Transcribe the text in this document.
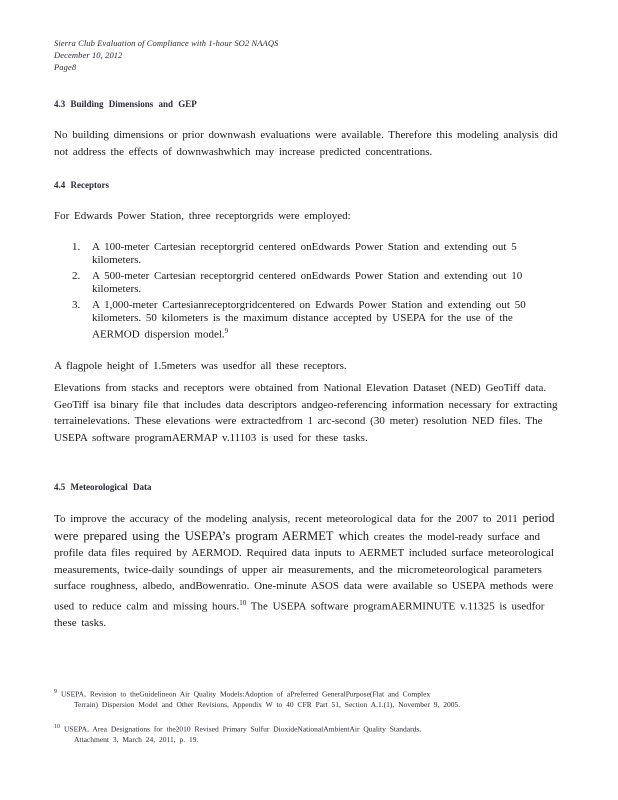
Sierra Club Evaluation of Compliance with 1-hour SO2 NAAQS
December 10, 2012
Page8
4.3 Building Dimensions and GEP
No building dimensions or prior downwash evaluations were available. Therefore this modeling analysis did not address the effects of downwashwhich may increase predicted concentrations.
4.4 Receptors
For Edwards Power Station, three receptorgrids were employed:
1. A 100-meter Cartesian receptorgrid centered onEdwards Power Station and extending out 5 kilometers.
2. A 500-meter Cartesian receptorgrid centered onEdwards Power Station and extending out 10 kilometers.
3. A 1,000-meter Cartesianreceptorgridcentered on Edwards Power Station and extending out 50 kilometers. 50 kilometers is the maximum distance accepted by USEPA for the use of the AERMOD dispersion model.$^9$
A flagpole height of 1.5meters was usedfor all these receptors.
Elevations from stacks and receptors were obtained from National Elevation Dataset (NED) GeoTiff data. GeoTiff isa binary file that includes data descriptors andgeo-referencing information necessary for extracting terrainelevations. These elevations were extractedfrom 1 arc-second (30 meter) resolution NED files. The USEPA software programAERMAP v.11103 is used for these tasks.
4.5 Meteorological Data
To improve the accuracy of the modeling analysis, recent meteorological data for the 2007 to 2011 period were prepared using the USEPA’s program AERMET which creates the model-ready surface and profile data files required by AERMOD. Required data inputs to AERMET included surface meteorological measurements, twice-daily soundings of upper air measurements, and the micrometeorological parameters surface roughness, albedo, andBowenratio. One-minute ASOS data were available so USEPA methods were used to reduce calm and missing hours.$^{10}$ The USEPA software programAERMINUTE v.11325 is usedfor these tasks.
$^9$ USEPA, Revision to theGuidelineon Air Quality Models:Adoption of aPreferred GeneralPurpose(Flat and Complex
Terrain) Dispersion Model and Other Revisions, Appendix W to 40 CFR Part 51, Section A.1.(1), November 9, 2005.
$^{10}$ USEPA, Area Designations for the2010 Revised Primary Sulfur DioxideNationalAmbientAir Quality Standards,
Attachment 3, March 24, 2011, p. 19.
